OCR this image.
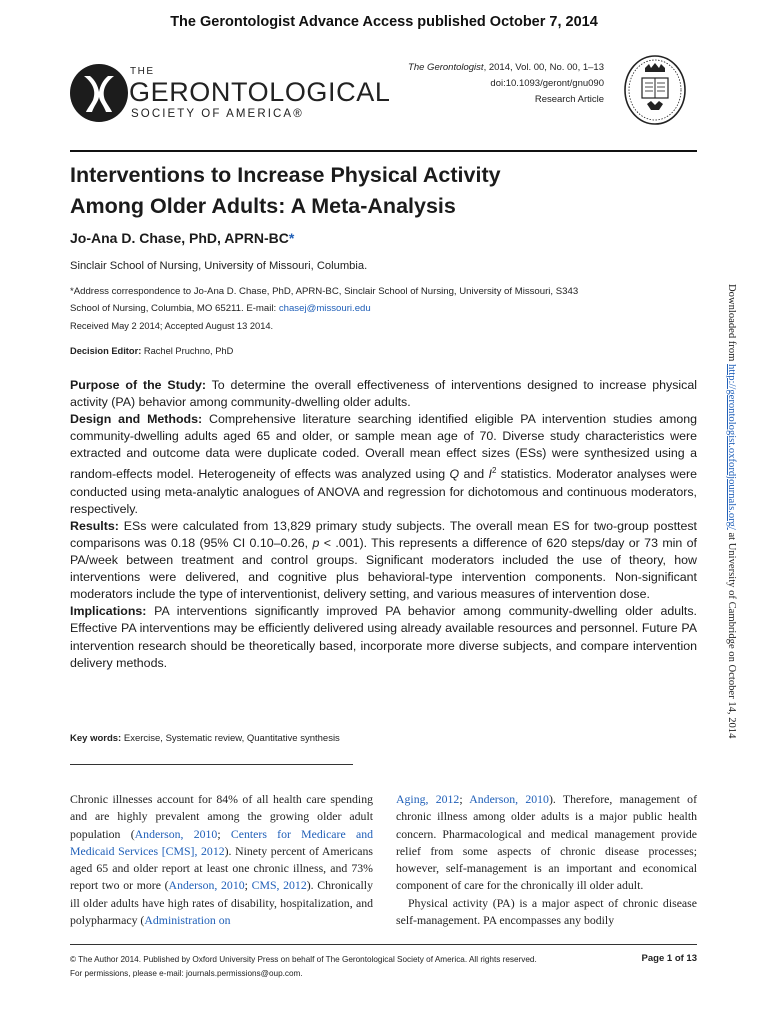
The Gerontologist Advance Access published October 7, 2014
THE
GERONTOLOGICAL
SOCIETY OF AMERICA®
The Gerontologist, 2014, Vol. 00, No. 00, 1–13
doi:10.1093/geront/gnu090
Research Article
Interventions to Increase Physical Activity
Among Older Adults: A Meta-Analysis
Jo-Ana D. Chase, PhD, APRN-BC*
Sinclair School of Nursing, University of Missouri, Columbia.
*Address correspondence to Jo-Ana D. Chase, PhD, APRN-BC, Sinclair School of Nursing, University of Missouri, S343
School of Nursing, Columbia, MO 65211. E-mail: chasej@missouri.edu
Received May 2 2014; Accepted August 13 2014.
Decision Editor: Rachel Pruchno, PhD

Purpose of the Study: To determine the overall effectiveness of interventions designed to increase physical activity (PA) behavior among community-dwelling older adults.

Design and Methods: Comprehensive literature searching identified eligible PA intervention studies among community-dwelling adults aged 65 and older, or sample mean age of 70. Diverse study characteristics were extracted and outcome data were duplicate coded. Overall mean effect sizes (ESs) were synthesized using a random-effects model. Heterogeneity of effects was analyzed using Q and $I^2$ statistics. Moderator analyses were conducted using meta-analytic analogues of ANOVA and regression for dichotomous and continuous moderators, respectively.

Results: ESs were calculated from 13,829 primary study subjects. The overall mean ES for two-group posttest comparisons was 0.18 (95% CI 0.10–0.26, p < .001). This represents a difference of 620 steps/day or 73 min of PA/week between treatment and control groups. Significant moderators included the use of theory, how interventions were delivered, and cognitive plus behavioral-type intervention components. Non-significant moderators include the type of interventionist, delivery setting, and various measures of intervention dose.

Implications: PA interventions significantly improved PA behavior among community-dwelling older adults. Effective PA interventions may be efficiently delivered using already available resources and personnel. Future PA intervention research should be theoretically based, incorporate more diverse subjects, and compare intervention delivery methods.

Key words: Exercise, Systematic review, Quantitative synthesis

Chronic illnesses account for 84% of all health care spending and are highly prevalent among the growing older adult population (Anderson, 2010; Centers for Medicare and Medicaid Services [CMS], 2012). Ninety percent of Americans aged 65 and older report at least one chronic illness, and 73% report two or more (Anderson, 2010; CMS, 2012). Chronically ill older adults have high rates of disability, hospitalization, and polypharmacy (Administration on

Aging, 2012; Anderson, 2010). Therefore, management of chronic illness among older adults is a major public health concern. Pharmacological and medical management provide relief from some aspects of chronic disease processes; however, self-management is an important and economical component of care for the chronically ill older adult.

Physical activity (PA) is a major aspect of chronic disease self-management. PA encompasses any bodily

Downloaded from http://gerontologist.oxfordjournals.org/ at University of Cambridge on October 14, 2014
© The Author 2014. Published by Oxford University Press on behalf of The Gerontological Society of America. All rights reserved.
For permissions, please e-mail: journals.permissions@oup.com.
Page 1 of 13
